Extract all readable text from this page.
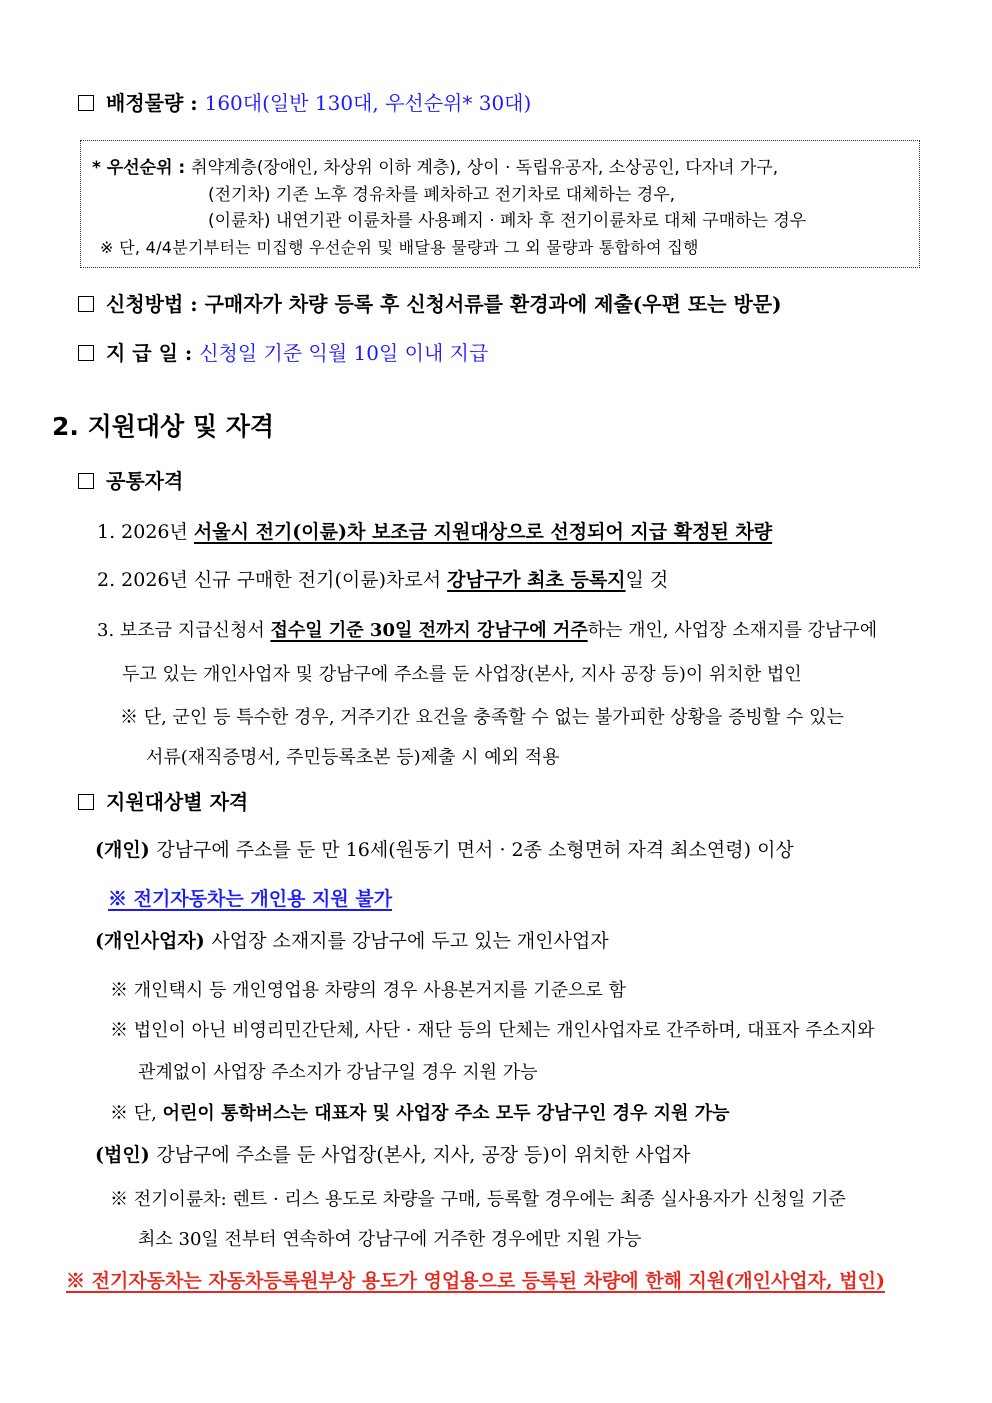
배정물량 : 160대(일반 130대, 우선순위* 30대)
* 우선순위 : 취약계층(장애인, 차상위 이하 계층), 상이 · 독립유공자, 소상공인, 다자녀 가구,
(전기차) 기존 노후 경유차를 폐차하고 전기차로 대체하는 경우,
(이륜차) 내연기관 이륜차를 사용폐지 · 폐차 후 전기이륜차로 대체 구매하는 경우
※ 단, 4/4분기부터는 미집행 우선순위 및 배달용 물량과 그 외 물량과 통합하여 집행
신청방법 : 구매자가 차량 등록 후 신청서류를 환경과에 제출(우편 또는 방문)
지 급 일 : 신청일 기준 익월 10일 이내 지급
2. 지원대상 및 자격
공통자격
1. 2026년 서울시 전기(이륜)차 보조금 지원대상으로 선정되어 지급 확정된 차량
2. 2026년 신규 구매한 전기(이륜)차로서 강남구가 최초 등록지일 것
3. 보조금 지급신청서 접수일 기준 30일 전까지 강남구에 거주하는 개인, 사업장 소재지를 강남구에
두고 있는 개인사업자 및 강남구에 주소를 둔 사업장(본사, 지사 공장 등)이 위치한 법인
※ 단, 군인 등 특수한 경우, 거주기간 요건을 충족할 수 없는 불가피한 상황을 증빙할 수 있는
서류(재직증명서, 주민등록초본 등)제출 시 예외 적용
지원대상별 자격
(개인) 강남구에 주소를 둔 만 16세(원동기 면서 · 2종 소형면허 자격 최소연령) 이상
※ 전기자동차는 개인용 지원 불가
(개인사업자) 사업장 소재지를 강남구에 두고 있는 개인사업자
※ 개인택시 등 개인영업용 차량의 경우 사용본거지를 기준으로 함
※ 법인이 아닌 비영리민간단체, 사단 · 재단 등의 단체는 개인사업자로 간주하며, 대표자 주소지와
관계없이 사업장 주소지가 강남구일 경우 지원 가능
※ 단, 어린이 통학버스는 대표자 및 사업장 주소 모두 강남구인 경우 지원 가능
(법인) 강남구에 주소를 둔 사업장(본사, 지사, 공장 등)이 위치한 사업자
※ 전기이륜차: 렌트 · 리스 용도로 차량을 구매, 등록할 경우에는 최종 실사용자가 신청일 기준
최소 30일 전부터 연속하여 강남구에 거주한 경우에만 지원 가능
※ 전기자동차는 자동차등록원부상 용도가 영업용으로 등록된 차량에 한해 지원(개인사업자, 법인)
